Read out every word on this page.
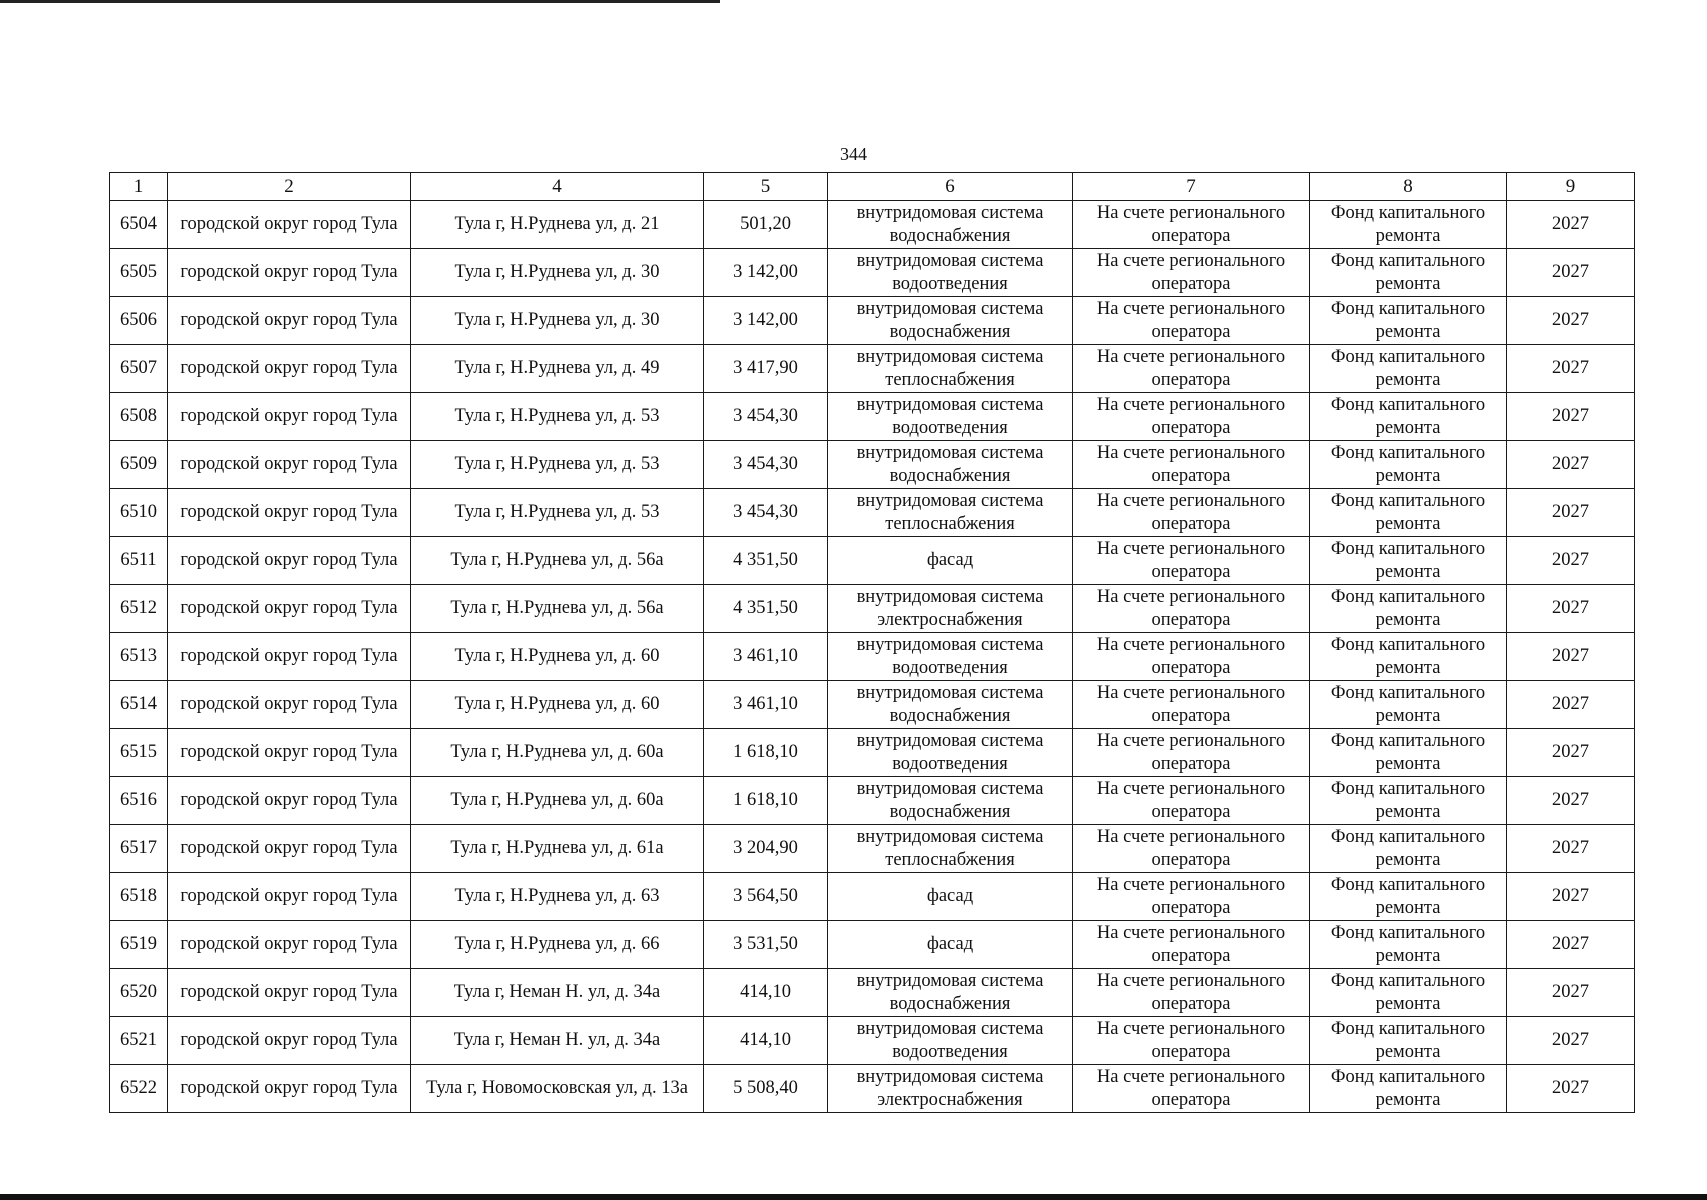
344
1	2	4	5	6	7	8	9
6504	городской округ город Тула	Тула г, Н.Руднева ул, д. 21	501,20	внутридомовая система водоснабжения	На счете регионального оператора	Фонд капитального ремонта	2027
6505	городской округ город Тула	Тула г, Н.Руднева ул, д. 30	3 142,00	внутридомовая система водоотведения	На счете регионального оператора	Фонд капитального ремонта	2027
6506	городской округ город Тула	Тула г, Н.Руднева ул, д. 30	3 142,00	внутридомовая система водоснабжения	На счете регионального оператора	Фонд капитального ремонта	2027
6507	городской округ город Тула	Тула г, Н.Руднева ул, д. 49	3 417,90	внутридомовая система теплоснабжения	На счете регионального оператора	Фонд капитального ремонта	2027
6508	городской округ город Тула	Тула г, Н.Руднева ул, д. 53	3 454,30	внутридомовая система водоотведения	На счете регионального оператора	Фонд капитального ремонта	2027
6509	городской округ город Тула	Тула г, Н.Руднева ул, д. 53	3 454,30	внутридомовая система водоснабжения	На счете регионального оператора	Фонд капитального ремонта	2027
6510	городской округ город Тула	Тула г, Н.Руднева ул, д. 53	3 454,30	внутридомовая система теплоснабжения	На счете регионального оператора	Фонд капитального ремонта	2027
6511	городской округ город Тула	Тула г, Н.Руднева ул, д. 56а	4 351,50	фасад	На счете регионального оператора	Фонд капитального ремонта	2027
6512	городской округ город Тула	Тула г, Н.Руднева ул, д. 56а	4 351,50	внутридомовая система электроснабжения	На счете регионального оператора	Фонд капитального ремонта	2027
6513	городской округ город Тула	Тула г, Н.Руднева ул, д. 60	3 461,10	внутридомовая система водоотведения	На счете регионального оператора	Фонд капитального ремонта	2027
6514	городской округ город Тула	Тула г, Н.Руднева ул, д. 60	3 461,10	внутридомовая система водоснабжения	На счете регионального оператора	Фонд капитального ремонта	2027
6515	городской округ город Тула	Тула г, Н.Руднева ул, д. 60а	1 618,10	внутридомовая система водоотведения	На счете регионального оператора	Фонд капитального ремонта	2027
6516	городской округ город Тула	Тула г, Н.Руднева ул, д. 60а	1 618,10	внутридомовая система водоснабжения	На счете регионального оператора	Фонд капитального ремонта	2027
6517	городской округ город Тула	Тула г, Н.Руднева ул, д. 61а	3 204,90	внутридомовая система теплоснабжения	На счете регионального оператора	Фонд капитального ремонта	2027
6518	городской округ город Тула	Тула г, Н.Руднева ул, д. 63	3 564,50	фасад	На счете регионального оператора	Фонд капитального ремонта	2027
6519	городской округ город Тула	Тула г, Н.Руднева ул, д. 66	3 531,50	фасад	На счете регионального оператора	Фонд капитального ремонта	2027
6520	городской округ город Тула	Тула г, Неман Н. ул, д. 34а	414,10	внутридомовая система водоснабжения	На счете регионального оператора	Фонд капитального ремонта	2027
6521	городской округ город Тула	Тула г, Неман Н. ул, д. 34а	414,10	внутридомовая система водоотведения	На счете регионального оператора	Фонд капитального ремонта	2027
6522	городской округ город Тула	Тула г, Новомосковская ул, д. 13а	5 508,40	внутридомовая система электроснабжения	На счете регионального оператора	Фонд капитального ремонта	2027
